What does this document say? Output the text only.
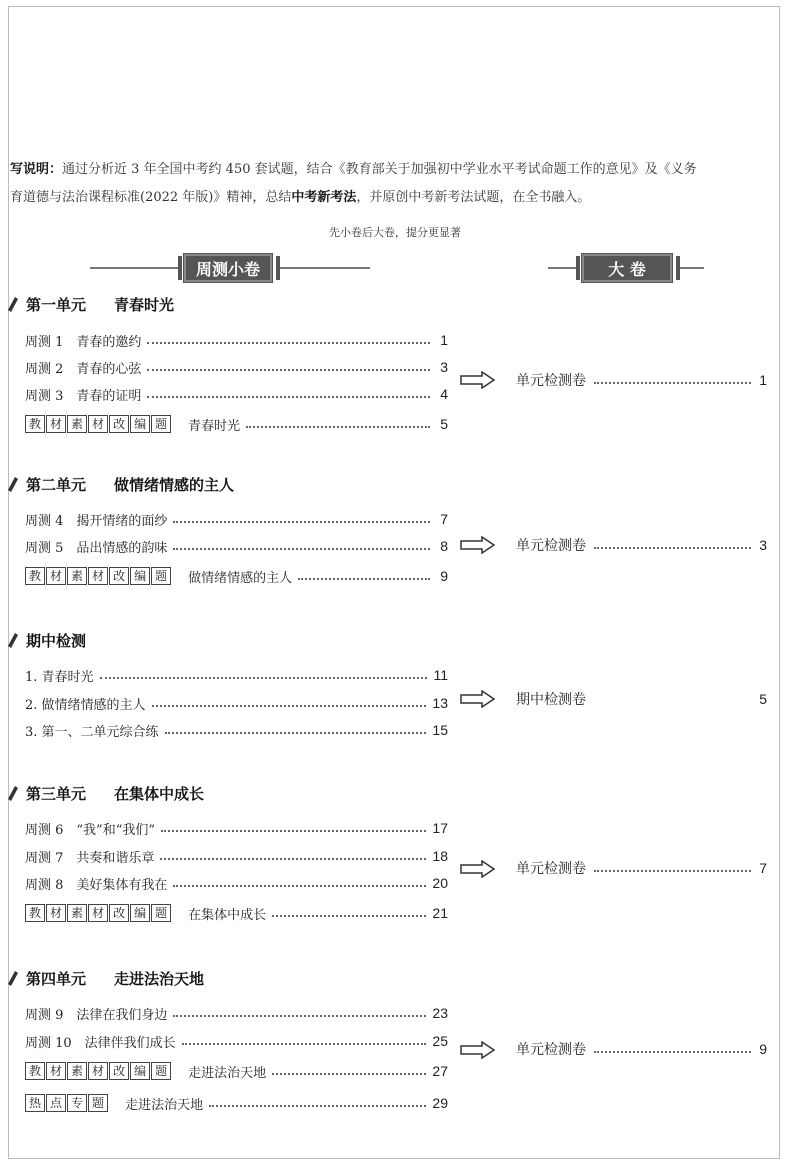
写说明：通过分析近 3 年全国中考约 450 套试题，结合《教育部关于加强初中学业水平考试命题工作的意见》及《义务
育道德与法治课程标准(2022 年版)》精神，总结中考新考法，并原创中考新考法试题，在全书融入。
先小卷后大卷，提分更显著
周测小卷	大 卷
第一单元 青春时光
周测 1　青春的邀约	1
周测 2　青春的心弦	3
周测 3　青春的证明	4
教 材 素 材 改 编 题	青春时光	5
单元检测卷	1
第二单元 做情绪情感的主人
周测 4　揭开情绪的面纱	7
周测 5　品出情感的韵味	8
教 材 素 材 改 编 题	做情绪情感的主人	9
单元检测卷	3
期中检测
1. 青春时光	11
2. 做情绪情感的主人	13
3. 第一、二单元综合练	15
期中检测卷	5
第三单元 在集体中成长
周测 6　“我”和“我们”	17
周测 7　共奏和谐乐章	18
周测 8　美好集体有我在	20
教 材 素 材 改 编 题	在集体中成长	21
单元检测卷	7
第四单元 走进法治天地
周测 9　法律在我们身边	23
周测 10　法律伴我们成长	25
教 材 素 材 改 编 题	走进法治天地	27
热 点 专 题	走进法治天地	29
单元检测卷	9
